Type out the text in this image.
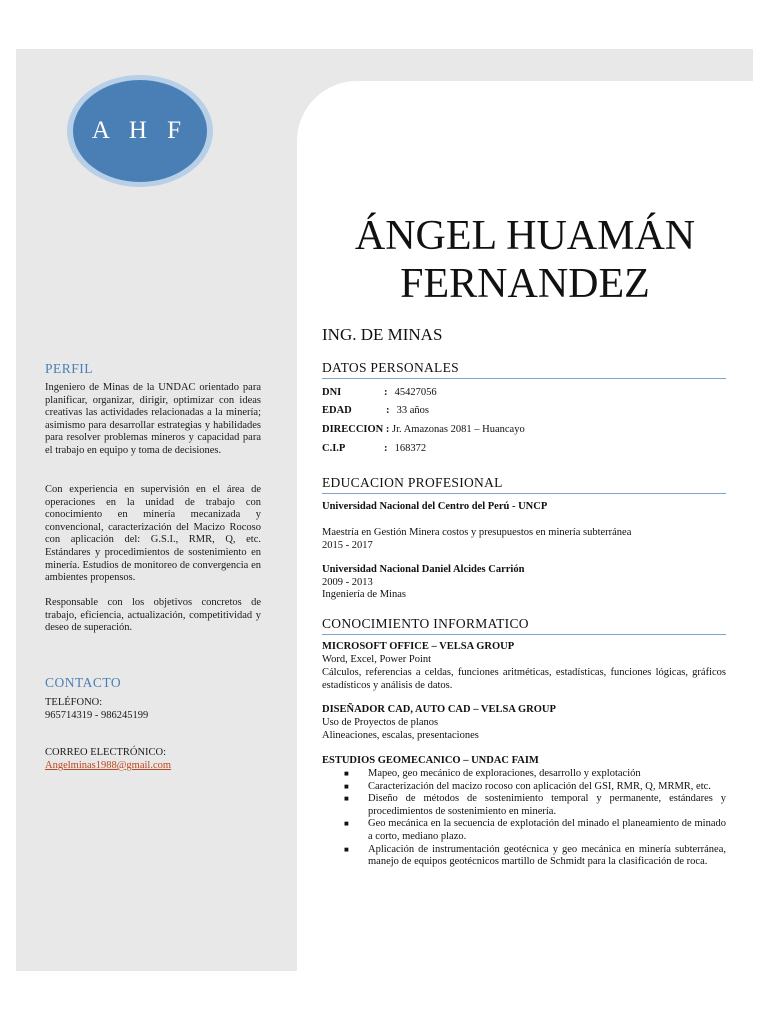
A H F
PERFIL
Ingeniero de Minas de la UNDAC orientado para planificar, organizar, dirigir, optimizar con ideas creativas las actividades relacionadas a la minería; asimismo para desarrollar estrategias y habilidades para resolver problemas mineros y capacidad para el trabajo en equipo y toma de decisiones.
Con experiencia en supervisión en el área de operaciones en la unidad de trabajo con conocimiento en minería mecanizada y convencional, caracterización del Macizo Rocoso con aplicación del: G.S.I., RMR, Q, etc. Estándares y procedimientos de sostenimiento en minería. Estudios de monitoreo de convergencia en ambientes propensos.
Responsable con los objetivos concretos de trabajo, eficiencia, actualización, competitividad y deseo de superación.
CONTACTO
TELÉFONO:
965714319 - 986245199
CORREO ELECTRÓNICO:
Angelminas1988@gmail.com
ÁNGEL HUAMÁN FERNANDEZ
ING. DE MINAS
DATOS PERSONALES
DNI	: 45427056
EDAD	: 33 años
DIRECCION : Jr. Amazonas 2081 – Huancayo
C.I.P	: 168372
EDUCACION PROFESIONAL
Universidad Nacional del Centro del Perú - UNCP
Maestría en Gestión Minera costos y presupuestos en minería subterránea
2015 - 2017
Universidad Nacional Daniel Alcides Carrión
2009 - 2013
Ingeniería de Minas
CONOCIMIENTO INFORMATICO
MICROSOFT OFFICE – VELSA GROUP
Word, Excel, Power Point
Cálculos, referencias a celdas, funciones aritméticas, estadísticas, funciones lógicas, gráficos estadísticos y análisis de datos.
DISEÑADOR CAD, AUTO CAD – VELSA GROUP
Uso de Proyectos de planos
Alineaciones, escalas, presentaciones
ESTUDIOS GEOMECANICO – UNDAC FAIM
■ Mapeo, geo mecánico de exploraciones, desarrollo y explotación
■ Caracterización del macizo rocoso con aplicación del GSI, RMR, Q, MRMR, etc.
■ Diseño de métodos de sostenimiento temporal y permanente, estándares y procedimientos de sostenimiento en minería.
■ Geo mecánica en la secuencia de explotación del minado el planeamiento de minado a corto, mediano plazo.
■ Aplicación de instrumentación geotécnica y geo mecánica en minería subterránea, manejo de equipos geotécnicos martillo de Schmidt para la clasificación de roca.
